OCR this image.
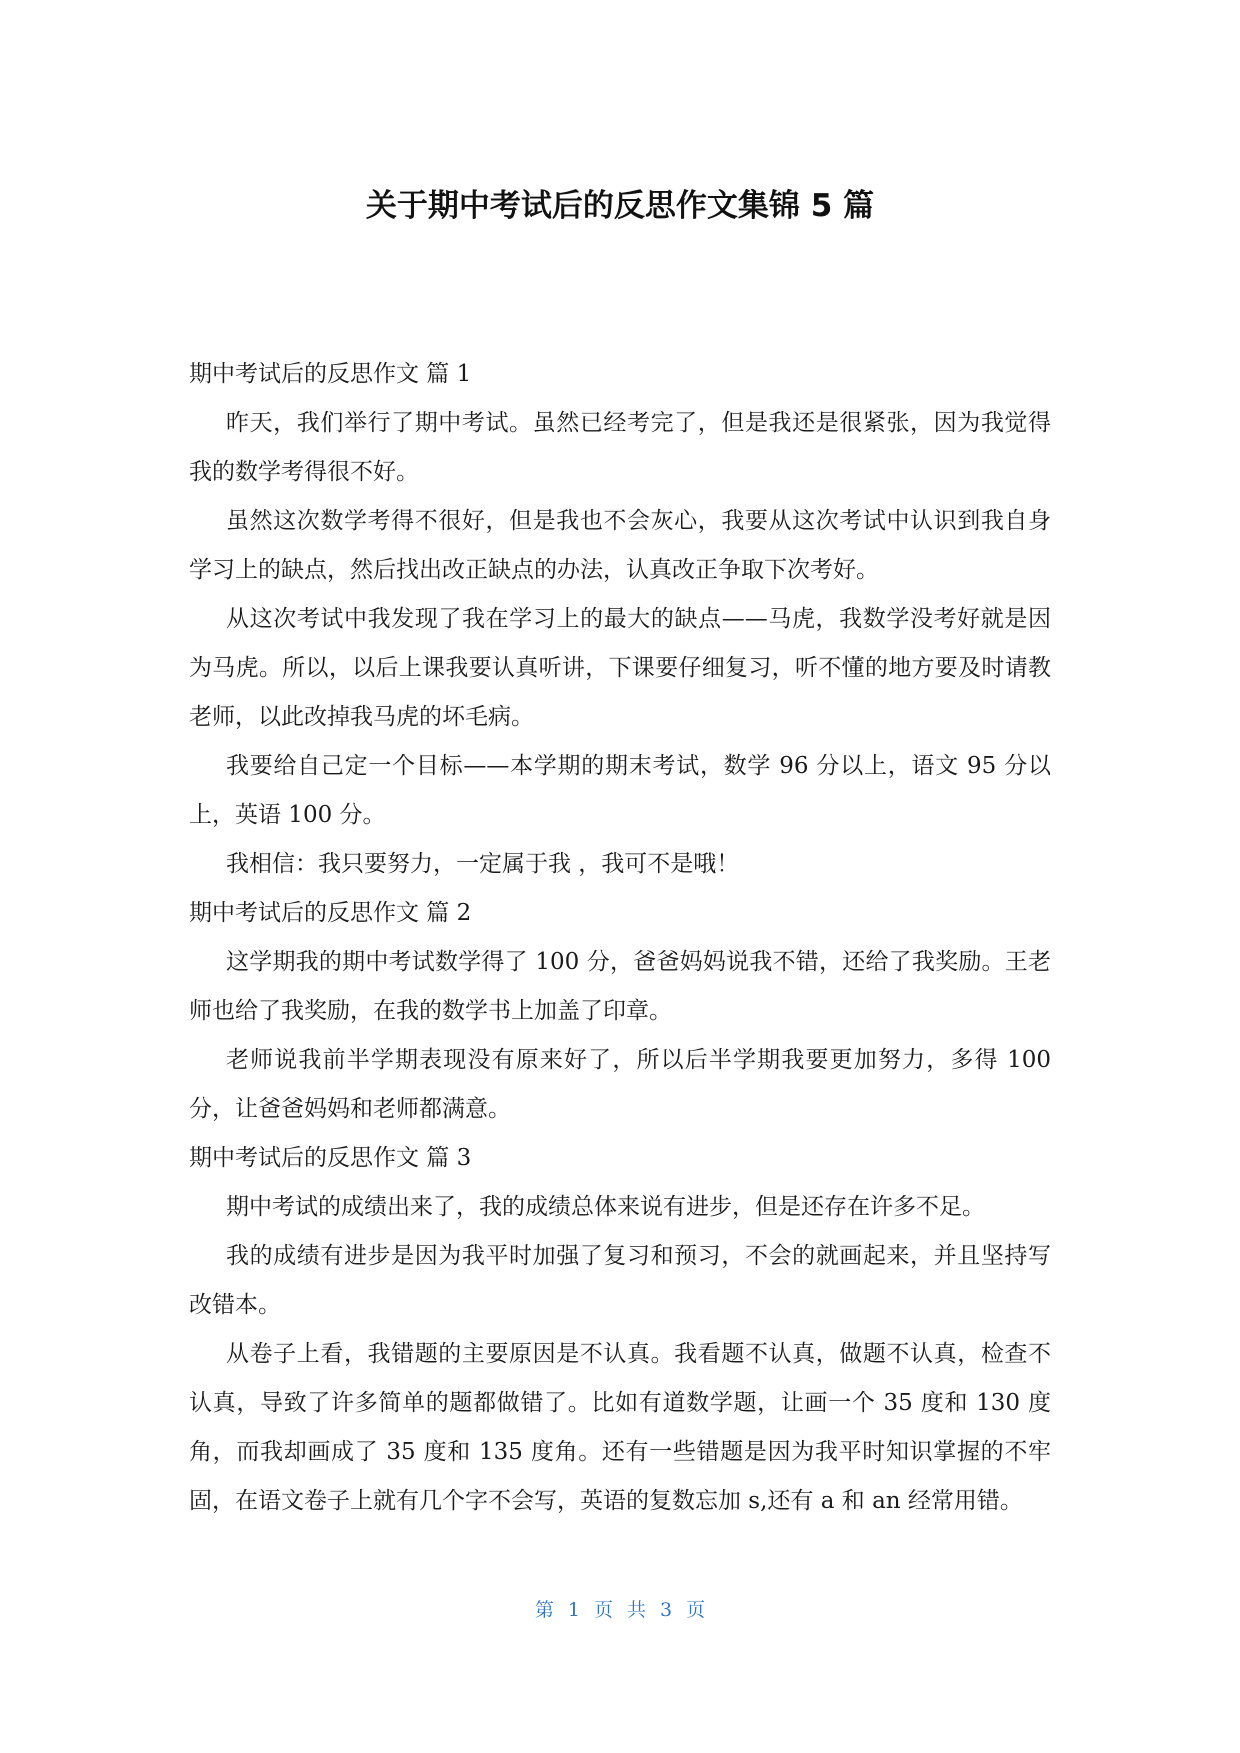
关于期中考试后的反思作文集锦 5 篇

期中考试后的反思作文 篇 1

昨天，我们举行了期中考试。虽然已经考完了，但是我还是很紧张，因为我觉得我的数学考得很不好。

虽然这次数学考得不很好，但是我也不会灰心，我要从这次考试中认识到我自身学习上的缺点，然后找出改正缺点的办法，认真改正争取下次考好。

从这次考试中我发现了我在学习上的最大的缺点——马虎，我数学没考好就是因为马虎。所以，以后上课我要认真听讲，下课要仔细复习，听不懂的地方要及时请教老师，以此改掉我马虎的坏毛病。

我要给自己定一个目标——本学期的期末考试，数学 96 分以上，语文 95 分以上，英语 100 分。

我相信：我只要努力，一定属于我 ，我可不是哦！

期中考试后的反思作文 篇 2

这学期我的期中考试数学得了 100 分，爸爸妈妈说我不错，还给了我奖励。王老师也给了我奖励，在我的数学书上加盖了印章。

老师说我前半学期表现没有原来好了，所以后半学期我要更加努力，多得 100 分，让爸爸妈妈和老师都满意。

期中考试后的反思作文 篇 3

期中考试的成绩出来了，我的成绩总体来说有进步，但是还存在许多不足。

我的成绩有进步是因为我平时加强了复习和预习，不会的就画起来，并且坚持写改错本。

从卷子上看，我错题的主要原因是不认真。我看题不认真，做题不认真，检查不认真，导致了许多简单的题都做错了。比如有道数学题，让画一个 35 度和 130 度角，而我却画成了 35 度和 135 度角。还有一些错题是因为我平时知识掌握的不牢固，在语文卷子上就有几个字不会写，英语的复数忘加 s,还有 a 和 an 经常用错。

第 1 页 共 3 页
